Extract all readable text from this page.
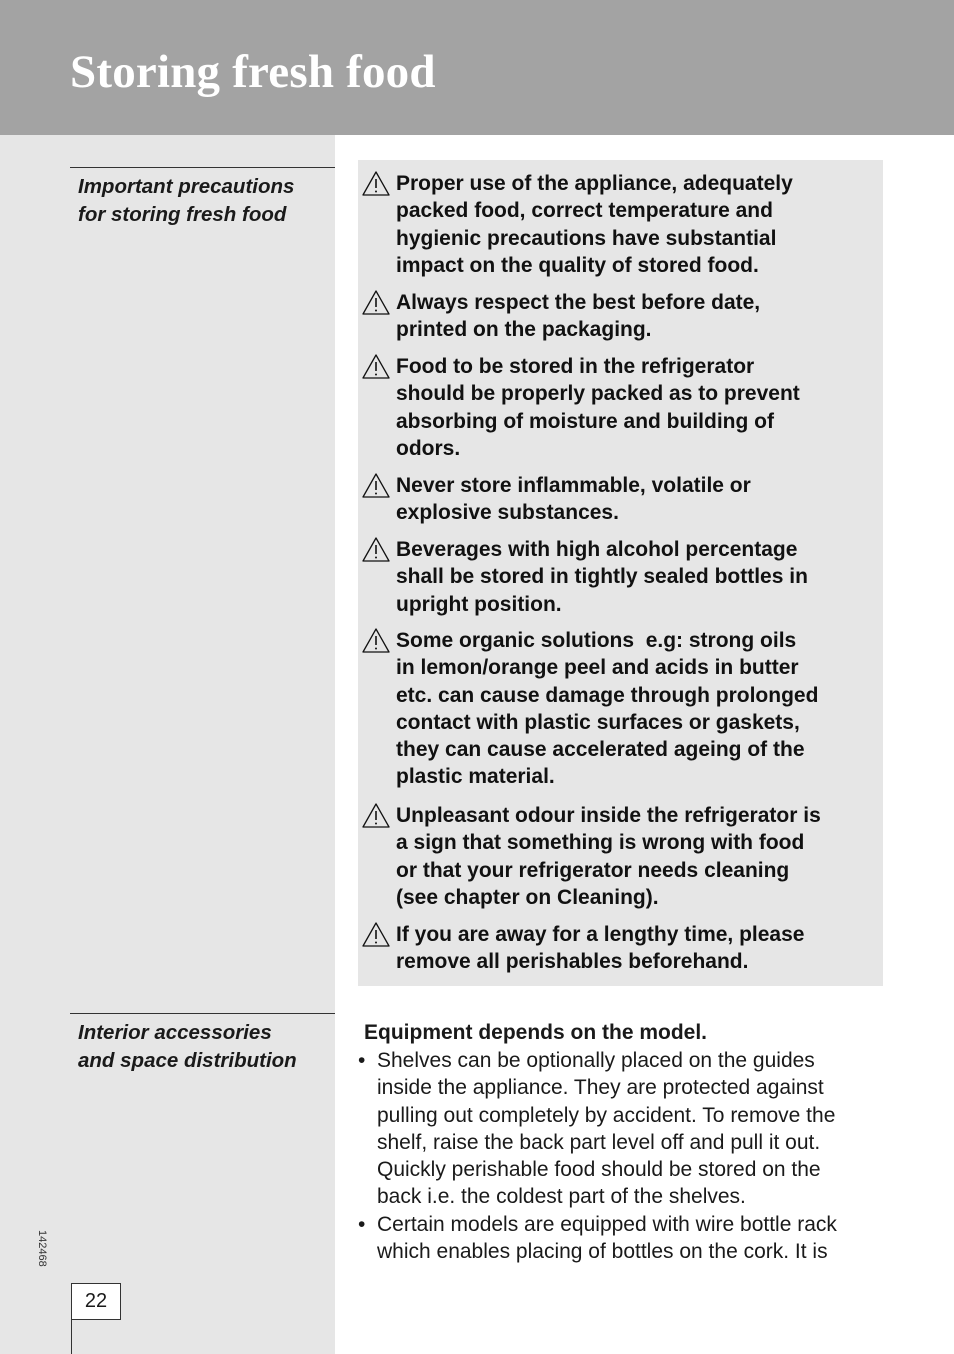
Storing fresh food
Important precautions
for storing fresh food
Proper use of the appliance, adequately
packed food, correct temperature and
hygienic precautions have substantial
impact on the quality of stored food.
Always respect the best before date,
printed on the packaging.
Food to be stored in the refrigerator
should be properly packed as to prevent
absorbing of moisture and building of
odors.
Never store inflammable, volatile or
explosive substances.
Beverages with high alcohol percentage
shall be stored in tightly sealed bottles in
upright position.
Some organic solutions  e.g: strong oils
in lemon/orange peel and acids in butter
etc. can cause damage through prolonged
contact with plastic surfaces or gaskets,
they can cause accelerated ageing of the
plastic material.
Unpleasant odour inside the refrigerator is
a sign that something is wrong with food
or that your refrigerator needs cleaning
(see chapter on Cleaning).
If you are away for a lengthy time, please
remove all perishables beforehand.
Interior accessories
and space distribution
Equipment depends on the model.
• Shelves can be optionally placed on the guides
inside the appliance. They are protected against
pulling out completely by accident. To remove the
shelf, raise the back part level off and pull it out.
Quickly perishable food should be stored on the
back i.e. the coldest part of the shelves.
• Certain models are equipped with wire bottle rack
which enables placing of bottles on the cork. It is
142468
22
